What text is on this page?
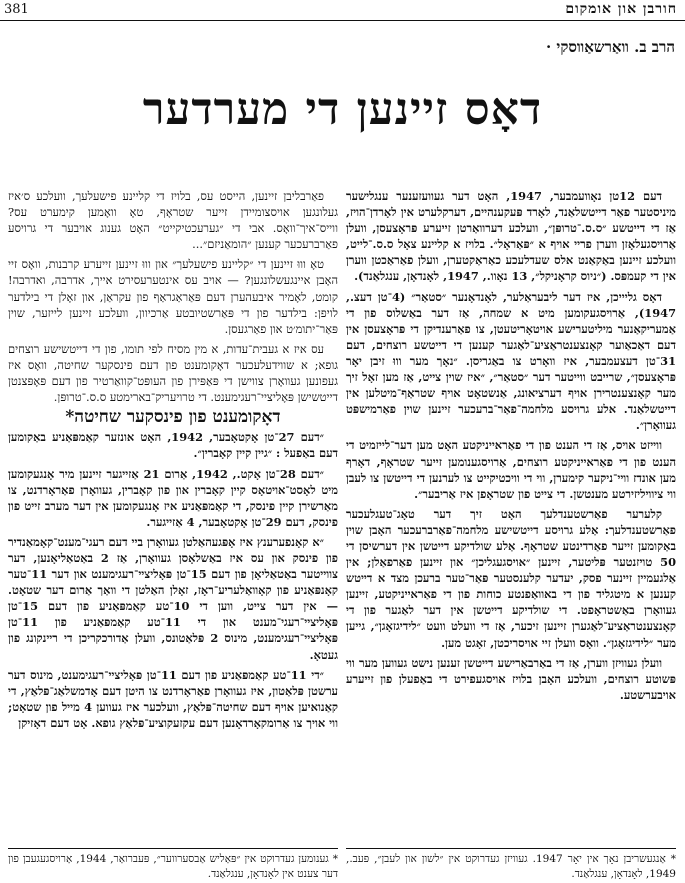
381	חורבן און אומקום
הרב ב. װאַרשאַװסקי ·
דאָס זיינען די מערדער

דעם 12טן נאָוועמבער, 1947, האָט דער געוועזענער ענגלישער מיניסטער פאַר דייטשלאַנד, לאָרד פּעקענהיים, דערקלערט אין לאָרדן־הויז, אַז די דייטשע ״ס.ס.־טרופּן״, וועלכע דערוואַרטן זייערע פּראָצעסן, וועלן אַרויסגעלאָזן ווערן פריי אויף א ״פּאַראָל״. בלויז א קליינע צאָל ס.ס.־לייט, וועלכע זיינען באַקאַנט אלס שעדלעכע כאַראַקטערן, וועלן פאַראַכטן ווערן אין די קעמפּס. (״ניוס קראָניקל״, 13 נאָוו., 1947, לאָנדאָן, ענגלאַנד).

דאָס גליייכן, איז דער ליבעראַלער, לאָנדאָנער ״סטאַר״ (4־טן דעצ., 1947), אַרויסגעקומען מיט א שמחה, אַז דער באַשלוס פון די אַמעריקאַנער מיליטערישע אויטאָריטעטן, צו פאַרענדיקן די פּראָצעסן אין דעם דאַכאַוער קאָנצענטראַציע־לאַגער קענען די דייטשע רוצחים, דעם 31־טן דעצעמבער, איז וואָרט צו באַגריסן. ״נאָך מער וווּ זיבן יאָר פּראָצעסן״, שרייבט ווייטער דער ״סטאַר״, ״איז שוין צייט, אַז מען זאָל זיך מער קאָנצענטרירן אויף דערציאונג, אַנשטאָט אויף שטראַף־מיטלען אין דייטשלאַנד. אלע גרויסע מלחמה־פאַר־ברעכער זיינען שוין פאַרמישפּט געוואָרן״.

ווייזט אויס, אַז די הענט פון די פאַראייניקטע האָט מען דער־לייזמיט די הענט פון די פאַראייניקטע רוצחים, אַרויסגענומען זייער שטראָף, דאָרף מען אונדז וויי־ניקער קימערן, ווי די וויכטיקייט צו לערנען די דייטשן צו לעבן ווי ציוויליזירטע מענטשן. די צייט פון שטראָפן איז אַריבער״.

קלערער פאַרשטענדלעך האָט זיך דער טאָג־טעגלעכער פאַרשטענדלעך: אַלע גרויסע דייטשישע מלחמה־פאַרברעכער האָבן שוין באַקומען זייער פאַרדינטע שטראָף. אַלע שולדיקע דייטשן אין דערשיסן די 50 טויזנטער פּליטער, זיינען ״אויסגעגליכן״ און זיינען פאַרפאַלן; אין אַלגעמיין זיינער פסק, יעדער קלענסטער פּאַר־טער ברעכן מצד א דייטש קענען א מיטגליד פון די באוואַפנטע כוחות פון די פאַראייניקטע, זיינען געוואָרן באַשטראָפט. די שולדיקע דייטשן אין דער לאַגער פון די קאָנצענטראַציע־לאַגערן זיינען זיכער, אַז די וועלט וועט ״לידיגזאָגן״, גייען מער ״לידיגזאָגן״. וואָס וועלן זיי אויסריכטן, זאָגט מען.

וועלן געוויזן ווערן, אַז די באַרבאַרישע דייטשן זענען נישט געווען מער ווי פּשוטע רוצחים, וועלכע האָבן בלויז אויסגעפירט די באַפעלן פון זייערע אויבערשטע.

פאַרבליבן זיינען, הייסט עס, בלויז די קליינע פישעלעך, וועלכע ס׳איז געלונגען אויסצומיידן זייער שטראָף, טאָ וואָמען קימערט עס? ווייס־איך־וואָס. אבי די ״גערעכטיקייט״ האָט גענוג אויבער די גרויסע פאַרברעכער קענען ״הומאַניזם״...

טאָ וווּ זיינען די ״קליינע פישעלעך״ און וווּ זיינען זייערע קרבנות, וואָס זיי האָבן איינגעשלונגען? — אויב עס אינטערעסירט אייך, אדרבה, ואדרבה! קומט, לאָמיר איבעהערן דעם פּאַראַגראַף פון עקראַן, און זאָלן די בילדער לויפן: בילדער פון די פּאַרשטיובטע אַרכיוון, וועלכע זיינען לייזער, שוין פּאַר־יתומ׳ט און פאַרגעסן.

עס איז א געבית־עדות, א מין מסיח לפי תומו, פון די דייטשישע רוצחים גופא; א שווידעלעכער דאָקומענט פון דעם פינסקער שחיטה, וואָס איז געפונען געוואָרן צווישן די פּאַפּירן פון העופּט־קוואַרטיר פון דעם פּאָפּצנטן דייטשישן פּאָליציי־רעגימענט. די טרויעריק־בארימטע ס.ס.־טרופּן.

דאָקומענט פון פינסקער שחיטה*

״דעם 27־טן אָקטאָבער, 1942, האָט אונזער קאַמפּאַניע באַקומען דעם באַפעל : ״גיין קיין קאָברין״.

״דעם 28־טן אָקט., 1942, אַרום 21 אַזייגער זיינען מיר אָנגעקומען מיט לאָסט־אויטאָס קיין קאָברין און פון קאָברין, געוואָרן פאַראָרדנט, צו מאַרשירן קיין פינסק, די קאַמפּאַניע איז אָנגעקומען אין דער מערב זייט פון פינסק, דעם 29־טן אָקטאָבער, 4 אַזייגער.

״א קאָנפערענץ איז אָפּגעהאַלטן געוואָרן ביי דעם רעגי־מענט־קאָמאַנדיר פון פינסק און עס איז באַשלאָסן געוואָרן, אַז 2 באַטאַליאָנען, דער צווייטער באַטאַליאָן פון דעם 15־טן פּאָליציי־רעגימענט און דער 11־טער קאָנפּאַניע פון קאָוואַלעריע־ראָז, זאָלן האַלטן די וואַך אַרום דער שטאָט. — אין דער צייט, ווען די 10־טע קאַמפּאַניע פון דעם 15־טן פּאָליציי־רעגי־מענט און די 11־טע קאַמפּאַניע פון 11־טן פּאָליציי־רעגימענט, מינוס 2 פּלאַטונס, וועלן אַדורכקריכן די ריינקונג פון געטאָ.

״די 11־טע קאַמפּאַניע פון דעם 11־טן פּאָליציי־רעגימענט, מינוס דער ערשטן פּלאַטון, איז געוואָרן פאַראָרדנט צו היטן דעם אָדמשלאַג־פּלאַץ, די קאַנואיען אויף דעם שחיטה־פּלאַץ, וועלכער איז געווען 4 מייל פון שטאָט; ווי אויך צו אַרומקאָרדאָנען דעם עקזעקוציע־פּלאַץ גופא. אָט דעם דאָזיקן

* אַנגעשריבן נאָך אין יאָר 1947. געוויזן געדרוקט אין ״לשון און לעבן״, פּעב., 1949, לאָנדאָן, ענגלאַנד.
* גענומען געדרוקט אין ״פּאַליש אַבסערווער״, פּעברואַר, 1944, אַרויסגעגעבן פון דער צענט אין לאָנדאָן, ענגלאַנד.
